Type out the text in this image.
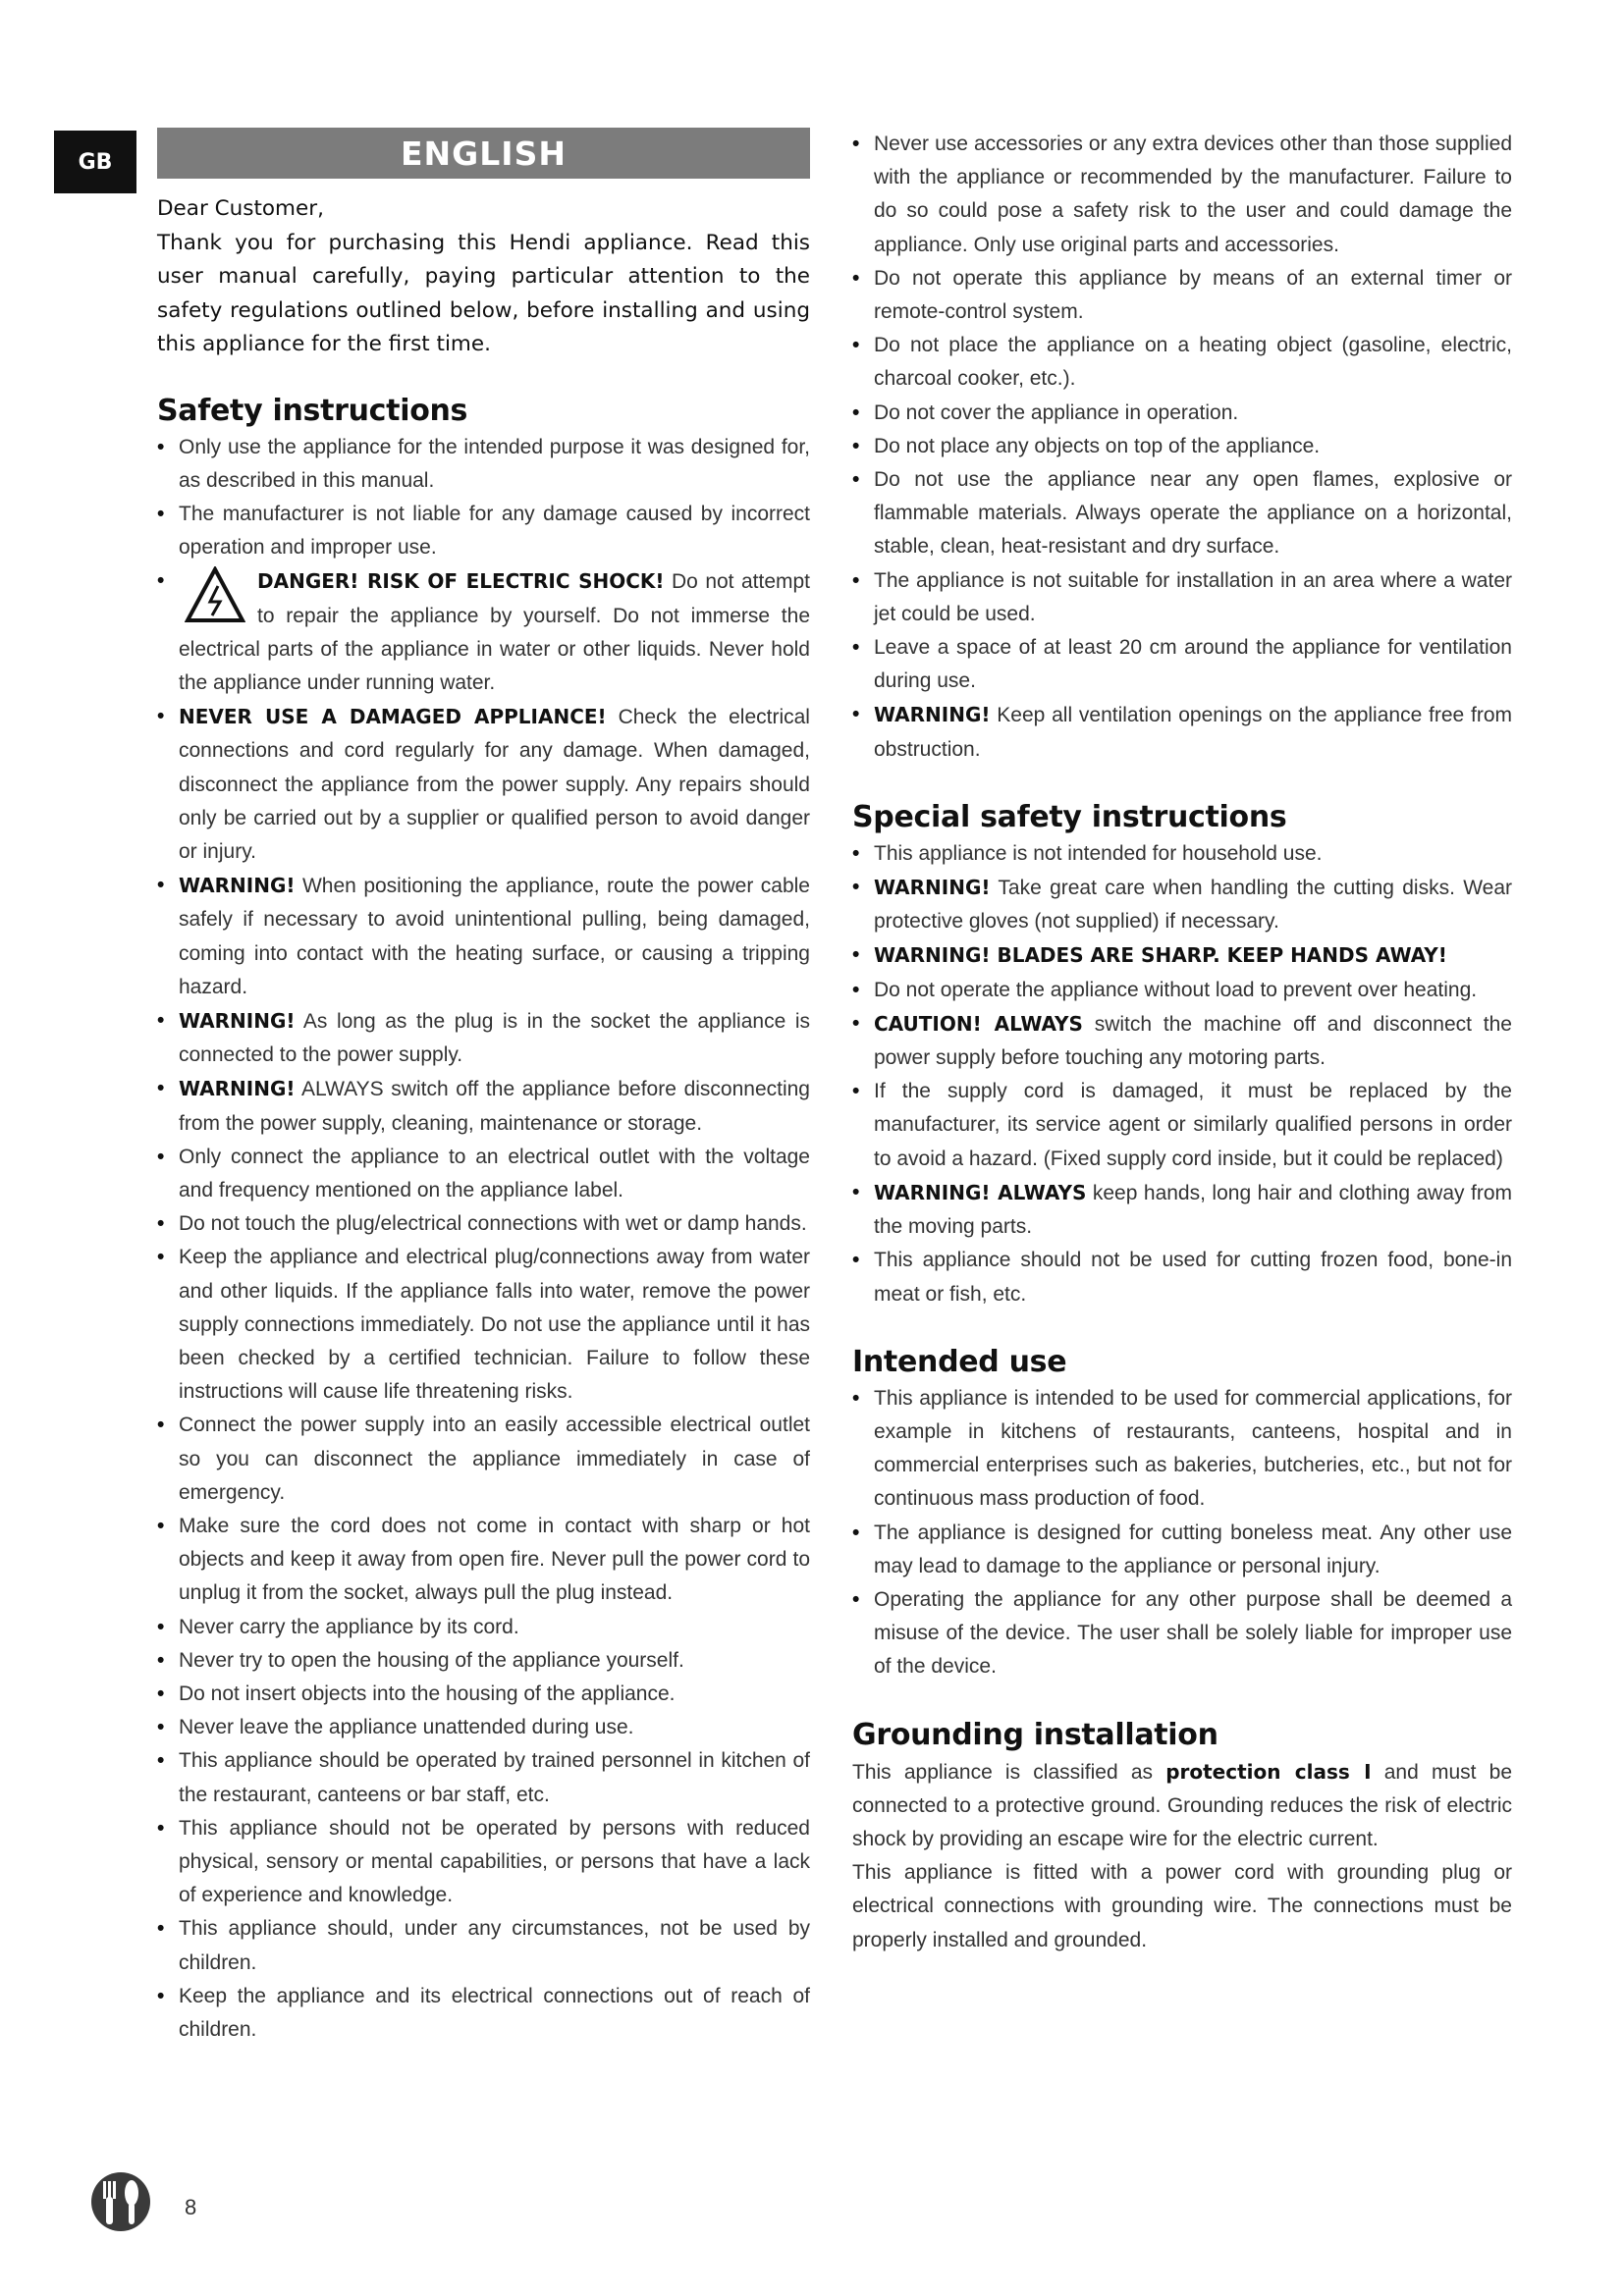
GB	ENGLISH

Dear Customer,

Thank you for purchasing this Hendi appliance. Read this user manual carefully, paying particular attention to the safety regulations outlined below, before installing and using this appliance for the first time.

Safety instructions
• Only use the appliance for the intended purpose it was designed for, as described in this manual.
• The manufacturer is not liable for any damage caused by incorrect operation and improper use.
• DANGER! RISK OF ELECTRIC SHOCK! Do not attempt to repair the appliance by yourself. Do not immerse the electrical parts of the appliance in water or other liquids. Never hold the appliance under running water.
• NEVER USE A DAMAGED APPLIANCE! Check the electrical connections and cord regularly for any damage. When damaged, disconnect the appliance from the power supply. Any repairs should only be carried out by a supplier or qualified person to avoid danger or injury.
• WARNING! When positioning the appliance, route the power cable safely if necessary to avoid unintentional pulling, being damaged, coming into contact with the heating surface, or causing a tripping hazard.
• WARNING! As long as the plug is in the socket the appliance is connected to the power supply.
• WARNING! ALWAYS switch off the appliance before disconnecting from the power supply, cleaning, maintenance or storage.
• Only connect the appliance to an electrical outlet with the voltage and frequency mentioned on the appliance label.
• Do not touch the plug/electrical connections with wet or damp hands.
• Keep the appliance and electrical plug/connections away from water and other liquids. If the appliance falls into water, remove the power supply connections immediately. Do not use the appliance until it has been checked by a certified technician. Failure to follow these instructions will cause life threatening risks.
• Connect the power supply into an easily accessible electrical outlet so you can disconnect the appliance immediately in case of emergency.
• Make sure the cord does not come in contact with sharp or hot objects and keep it away from open fire. Never pull the power cord to unplug it from the socket, always pull the plug instead.
• Never carry the appliance by its cord.
• Never try to open the housing of the appliance yourself.
• Do not insert objects into the housing of the appliance.
• Never leave the appliance unattended during use.
• This appliance should be operated by trained personnel in kitchen of the restaurant, canteens or bar staff, etc.
• This appliance should not be operated by persons with reduced physical, sensory or mental capabilities, or persons that have a lack of experience and knowledge.
• This appliance should, under any circumstances, not be used by children.
• Keep the appliance and its electrical connections out of reach of children.
• Never use accessories or any extra devices other than those supplied with the appliance or recommended by the manufacturer. Failure to do so could pose a safety risk to the user and could damage the appliance. Only use original parts and accessories.
• Do not operate this appliance by means of an external timer or remote-control system.
• Do not place the appliance on a heating object (gasoline, electric, charcoal cooker, etc.).
• Do not cover the appliance in operation.
• Do not place any objects on top of the appliance.
• Do not use the appliance near any open flames, explosive or flammable materials. Always operate the appliance on a horizontal, stable, clean, heat-resistant and dry surface.
• The appliance is not suitable for installation in an area where a water jet could be used.
• Leave a space of at least 20 cm around the appliance for ventilation during use.
• WARNING! Keep all ventilation openings on the appliance free from obstruction.
Special safety instructions
• This appliance is not intended for household use.
• WARNING! Take great care when handling the cutting disks. Wear protective gloves (not supplied) if necessary.
• WARNING! BLADES ARE SHARP. KEEP HANDS AWAY!
• Do not operate the appliance without load to prevent over heating.
• CAUTION! ALWAYS switch the machine off and disconnect the power supply before touching any motoring parts.
• If the supply cord is damaged, it must be replaced by the manufacturer, its service agent or similarly qualified persons in order to avoid a hazard. (Fixed supply cord inside, but it could be replaced)
• WARNING! ALWAYS keep hands, long hair and clothing away from the moving parts.
• This appliance should not be used for cutting frozen food, bone-in meat or fish, etc.
Intended use
• This appliance is intended to be used for commercial applications, for example in kitchens of restaurants, canteens, hospital and in commercial enterprises such as bakeries, butcheries, etc., but not for continuous mass production of food.
• The appliance is designed for cutting boneless meat. Any other use may lead to damage to the appliance or personal injury.
• Operating the appliance for any other purpose shall be deemed a misuse of the device. The user shall be solely liable for improper use of the device.
Grounding installation

This appliance is classified as protection class I and must be connected to a protective ground. Grounding reduces the risk of electric shock by providing an escape wire for the electric current.

This appliance is fitted with a power cord with grounding plug or electrical connections with grounding wire. The connections must be properly installed and grounded.

8
